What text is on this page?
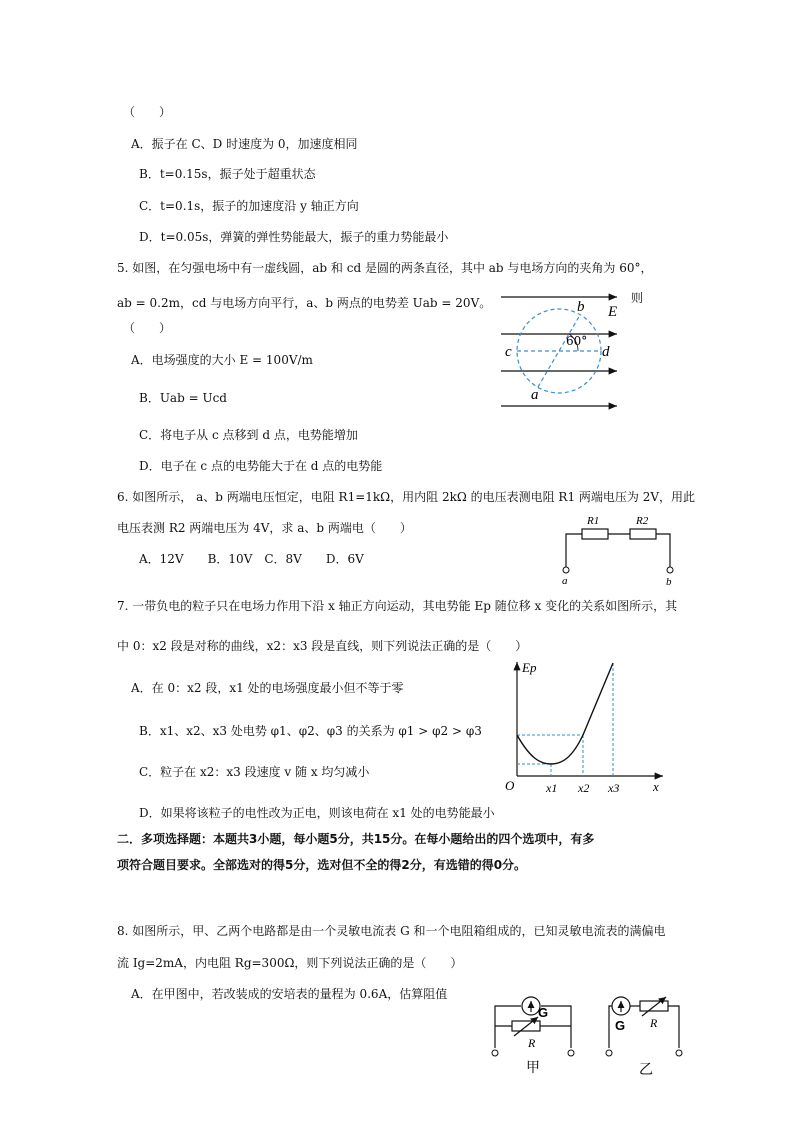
（　　）
A．振子在 C、D 时速度为 0，加速度相同
B．t=0.15s，振子处于超重状态
C．t=0.1s，振子的加速度沿 y 轴正方向
D．t=0.05s，弹簧的弹性势能最大，振子的重力势能最小
5. 如图，在匀强电场中有一虚线圆，ab 和 cd 是圆的两条直径，其中 ab 与电场方向的夹角为 60°，
ab = 0.2m，cd 与电场方向平行，a、b 两点的电势差 Uab = 20V。	则
（　　）
A．电场强度的大小 E = 100V/m
B．Uab = Ucd
C．将电子从 c 点移到 d 点，电势能增加
D．电子在 c 点的电势能大于在 d 点的电势能
b E
c	d
60°
a
6. 如图所示， a、b 两端电压恒定，电阻 R1=1kΩ，用内阻 2kΩ 的电压表测电阻 R1 两端电压为 2V，用此
电压表测 R2 两端电压为 4V，求 a、b 两端电（　　）
A．12V　　B．10V　C．8V　　D．6V
R1	R2
a	b
7. 一带负电的粒子只在电场力作用下沿 x 轴正方向运动，其电势能 Ep 随位移 x 变化的关系如图所示，其
中 0：x2 段是对称的曲线，x2：x3 段是直线，则下列说法正确的是（　　）
A．在 0：x2 段，x1 处的电场强度最小但不等于零
B．x1、x2、x3 处电势 φ1、φ2、φ3 的关系为 φ1 > φ2 > φ3
C．粒子在 x2：x3 段速度 v 随 x 均匀减小
D．如果将该粒子的电性改为正电，则该电荷在 x1 处的电势能最小
Ep
O	x1 x2 x3	x
二．多项选择题：本题共3小题，每小题5分，共15分。在每小题给出的四个选项中，有多
项符合题目要求。全部选对的得5分，选对但不全的得2分，有选错的得0分。
8. 如图所示，甲、乙两个电路都是由一个灵敏电流表 G 和一个电阻箱组成的，已知灵敏电流表的满偏电
流 Ig=2mA，内电阻 Rg=300Ω，则下列说法正确的是（　　）
A．在甲图中，若改装成的安培表的量程为 0.6A，估算阻值
G
R
甲
G R
乙
